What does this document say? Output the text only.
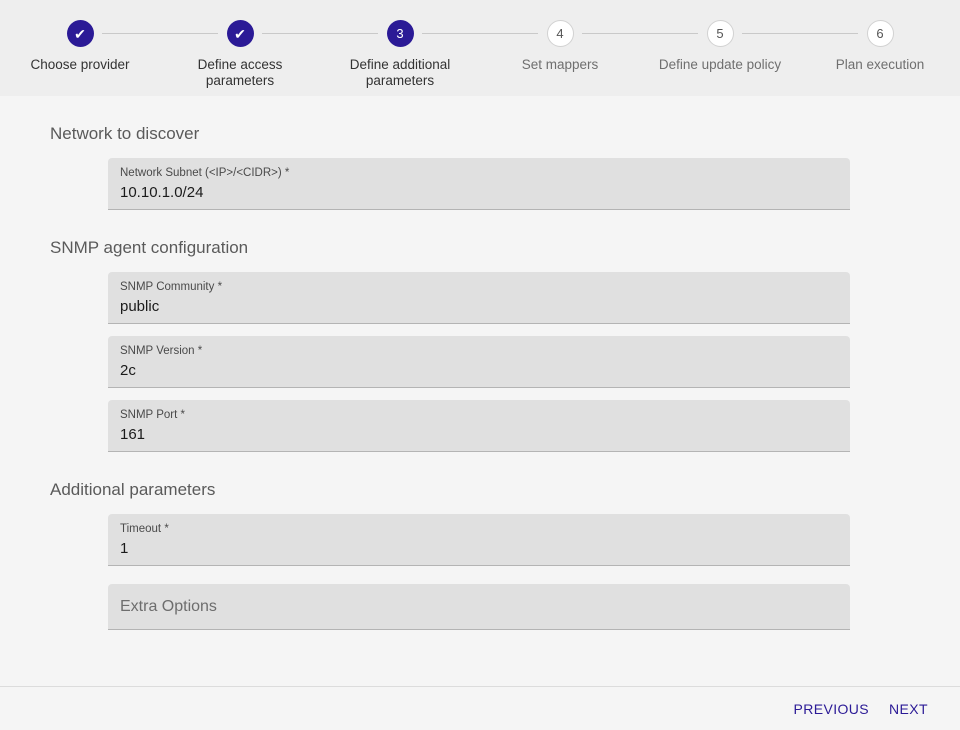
✔
Choose provider
✔
Define access parameters
3
Define additional parameters
4
Set mappers
5
Define update policy
6
Plan execution
Network to discover
Network Subnet (<IP>/<CIDR>) *
10.10.1.0/24
SNMP agent configuration
SNMP Community *
public
SNMP Version *
2c
SNMP Port *
161
Additional parameters
Timeout *
1
Extra Options
PREVIOUS	NEXT
